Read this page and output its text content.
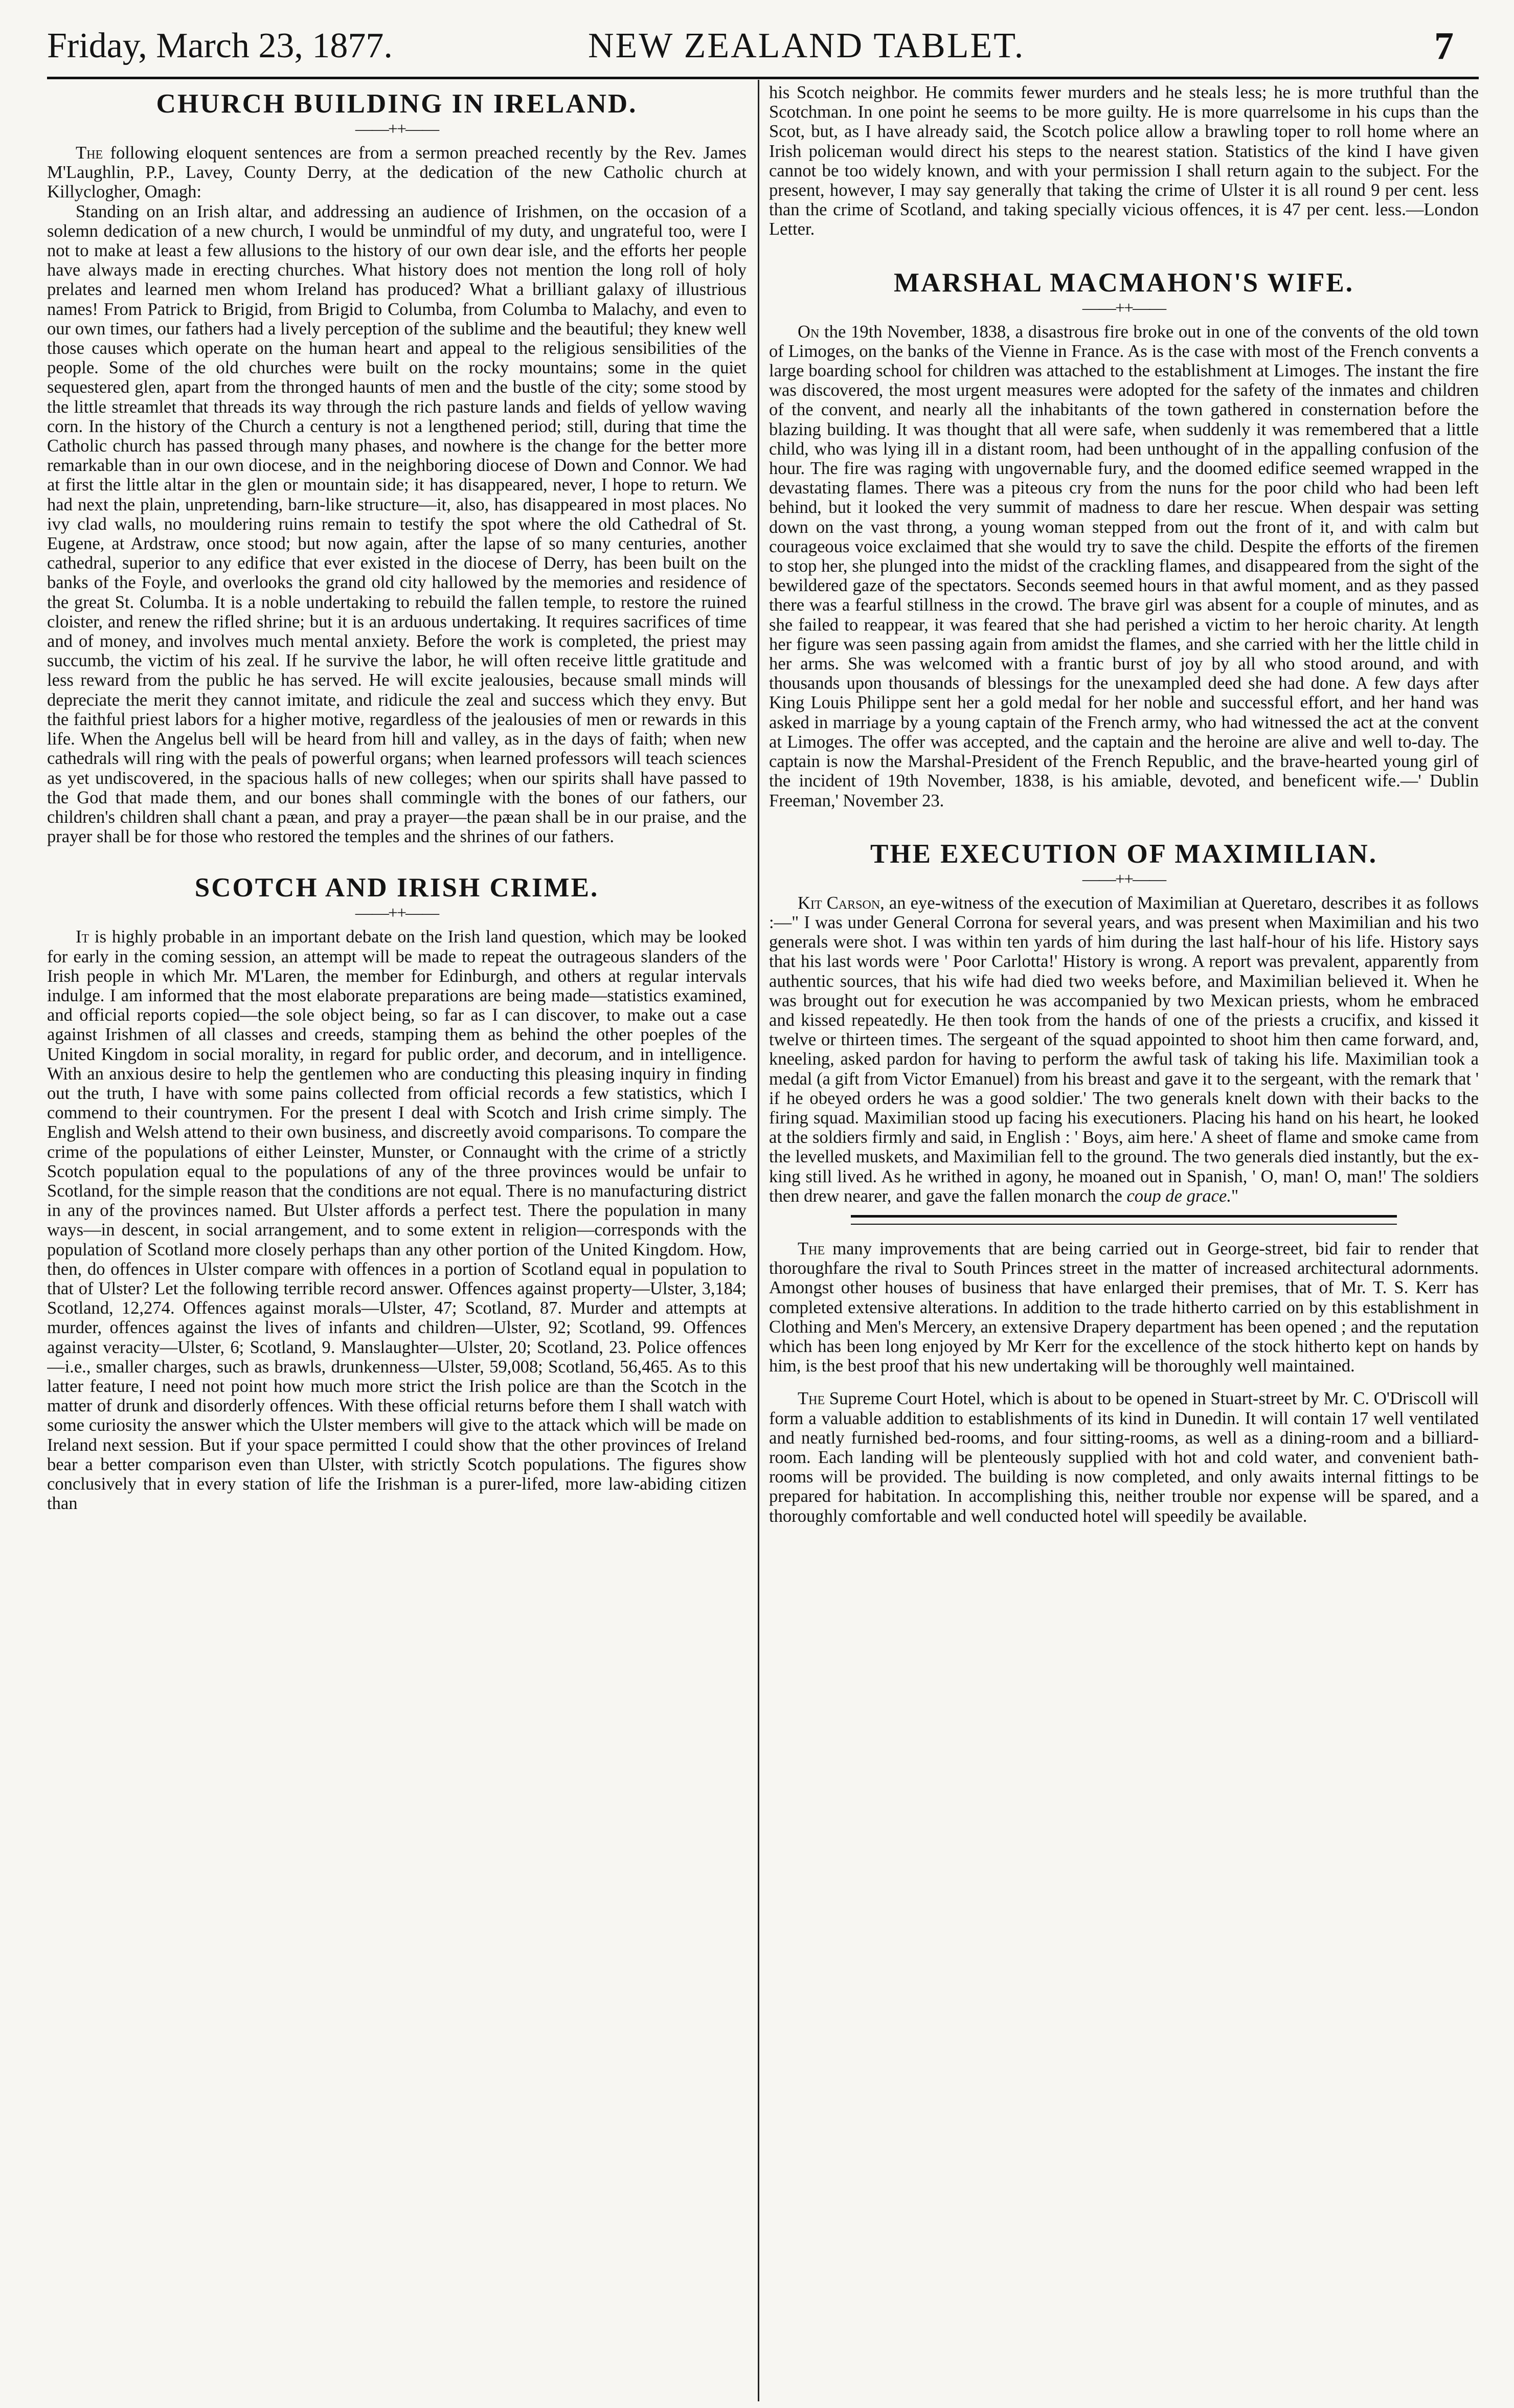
Friday, March 23, 1877.	NEW ZEALAND TABLET.	7
CHURCH BUILDING IN IRELAND.
——++——

The following eloquent sentences are from a sermon preached recently by the Rev. James M'Laughlin, P.P., Lavey, County Derry, at the dedication of the new Catholic church at Killyclogher, Omagh:

Standing on an Irish altar, and addressing an audience of Irishmen, on the occasion of a solemn dedication of a new church, I would be unmindful of my duty, and ungrateful too, were I not to make at least a few allusions to the history of our own dear isle, and the efforts her people have always made in erecting churches. What history does not mention the long roll of holy prelates and learned men whom Ireland has produced? What a brilliant galaxy of illustrious names! From Patrick to Brigid, from Brigid to Columba, from Columba to Malachy, and even to our own times, our fathers had a lively perception of the sublime and the beautiful; they knew well those causes which operate on the human heart and appeal to the religious sensibilities of the people. Some of the old churches were built on the rocky mountains; some in the quiet sequestered glen, apart from the thronged haunts of men and the bustle of the city; some stood by the little streamlet that threads its way through the rich pasture lands and fields of yellow waving corn. In the history of the Church a century is not a lengthened period; still, during that time the Catholic church has passed through many phases, and nowhere is the change for the better more remarkable than in our own diocese, and in the neighboring diocese of Down and Connor. We had at first the little altar in the glen or mountain side; it has disappeared, never, I hope to return. We had next the plain, unpretending, barn-like structure—it, also, has disappeared in most places. No ivy clad walls, no mouldering ruins remain to testify the spot where the old Cathedral of St. Eugene, at Ardstraw, once stood; but now again, after the lapse of so many centuries, another cathedral, superior to any edifice that ever existed in the diocese of Derry, has been built on the banks of the Foyle, and overlooks the grand old city hallowed by the memories and residence of the great St. Columba. It is a noble undertaking to rebuild the fallen temple, to restore the ruined cloister, and renew the rifled shrine; but it is an arduous undertaking. It requires sacrifices of time and of money, and involves much mental anxiety. Before the work is completed, the priest may succumb, the victim of his zeal. If he survive the labor, he will often receive little gratitude and less reward from the public he has served. He will excite jealousies, because small minds will depreciate the merit they cannot imitate, and ridicule the zeal and success which they envy. But the faithful priest labors for a higher motive, regardless of the jealousies of men or rewards in this life. When the Angelus bell will be heard from hill and valley, as in the days of faith; when new cathedrals will ring with the peals of powerful organs; when learned professors will teach sciences as yet undiscovered, in the spacious halls of new colleges; when our spirits shall have passed to the God that made them, and our bones shall commingle with the bones of our fathers, our children's children shall chant a pæan, and pray a prayer—the pæan shall be in our praise, and the prayer shall be for those who restored the temples and the shrines of our fathers.

SCOTCH AND IRISH CRIME.
——++——

It is highly probable in an important debate on the Irish land question, which may be looked for early in the coming session, an attempt will be made to repeat the outrageous slanders of the Irish people in which Mr. M'Laren, the member for Edinburgh, and others at regular intervals indulge. I am informed that the most elaborate preparations are being made—statistics examined, and official reports copied—the sole object being, so far as I can discover, to make out a case against Irishmen of all classes and creeds, stamping them as behind the other poeples of the United Kingdom in social morality, in regard for public order, and decorum, and in intelligence. With an anxious desire to help the gentlemen who are conducting this pleasing inquiry in finding out the truth, I have with some pains collected from official records a few statistics, which I commend to their countrymen. For the present I deal with Scotch and Irish crime simply. The English and Welsh attend to their own business, and discreetly avoid comparisons. To compare the crime of the populations of either Leinster, Munster, or Connaught with the crime of a strictly Scotch population equal to the populations of any of the three provinces would be unfair to Scotland, for the simple reason that the conditions are not equal. There is no manufacturing district in any of the provinces named. But Ulster affords a perfect test. There the population in many ways—in descent, in social arrangement, and to some extent in religion—corresponds with the population of Scotland more closely perhaps than any other portion of the United Kingdom. How, then, do offences in Ulster compare with offences in a portion of Scotland equal in population to that of Ulster? Let the following terrible record answer. Offences against property—Ulster, 3,184; Scotland, 12,274. Offences against morals—Ulster, 47; Scotland, 87. Murder and attempts at murder, offences against the lives of infants and children—Ulster, 92; Scotland, 99. Offences against veracity—Ulster, 6; Scotland, 9. Manslaughter—Ulster, 20; Scotland, 23. Police offences—i.e., smaller charges, such as brawls, drunkenness—Ulster, 59,008; Scotland, 56,465. As to this latter feature, I need not point how much more strict the Irish police are than the Scotch in the matter of drunk and disorderly offences. With these official returns before them I shall watch with some curiosity the answer which the Ulster members will give to the attack which will be made on Ireland next session. But if your space permitted I could show that the other provinces of Ireland bear a better comparison even than Ulster, with strictly Scotch populations. The figures show conclusively that in every station of life the Irishman is a purer-lifed, more law-abiding citizen than

his Scotch neighbor. He commits fewer murders and he steals less; he is more truthful than the Scotchman. In one point he seems to be more guilty. He is more quarrelsome in his cups than the Scot, but, as I have already said, the Scotch police allow a brawling toper to roll home where an Irish policeman would direct his steps to the nearest station. Statistics of the kind I have given cannot be too widely known, and with your permission I shall return again to the subject. For the present, however, I may say generally that taking the crime of Ulster it is all round 9 per cent. less than the crime of Scotland, and taking specially vicious offences, it is 47 per cent. less.—London Letter.

MARSHAL MACMAHON'S WIFE.
——++——

On the 19th November, 1838, a disastrous fire broke out in one of the convents of the old town of Limoges, on the banks of the Vienne in France. As is the case with most of the French convents a large boarding school for children was attached to the establishment at Limoges. The instant the fire was discovered, the most urgent measures were adopted for the safety of the inmates and children of the convent, and nearly all the inhabitants of the town gathered in consternation before the blazing building. It was thought that all were safe, when suddenly it was remembered that a little child, who was lying ill in a distant room, had been unthought of in the appalling confusion of the hour. The fire was raging with ungovernable fury, and the doomed edifice seemed wrapped in the devastating flames. There was a piteous cry from the nuns for the poor child who had been left behind, but it looked the very summit of madness to dare her rescue. When despair was setting down on the vast throng, a young woman stepped from out the front of it, and with calm but courageous voice exclaimed that she would try to save the child. Despite the efforts of the firemen to stop her, she plunged into the midst of the crackling flames, and disappeared from the sight of the bewildered gaze of the spectators. Seconds seemed hours in that awful moment, and as they passed there was a fearful stillness in the crowd. The brave girl was absent for a couple of minutes, and as she failed to reappear, it was feared that she had perished a victim to her heroic charity. At length her figure was seen passing again from amidst the flames, and she carried with her the little child in her arms. She was welcomed with a frantic burst of joy by all who stood around, and with thousands upon thousands of blessings for the unexampled deed she had done. A few days after King Louis Philippe sent her a gold medal for her noble and successful effort, and her hand was asked in marriage by a young captain of the French army, who had witnessed the act at the convent at Limoges. The offer was accepted, and the captain and the heroine are alive and well to-day. The captain is now the Marshal-President of the French Republic, and the brave-hearted young girl of the incident of 19th November, 1838, is his amiable, devoted, and beneficent wife.—' Dublin Freeman,' November 23.

THE EXECUTION OF MAXIMILIAN.
——++——

Kit Carson, an eye-witness of the execution of Maximilian at Queretaro, describes it as follows :—" I was under General Corrona for several years, and was present when Maximilian and his two generals were shot. I was within ten yards of him during the last half-hour of his life. History says that his last words were ' Poor Carlotta!' History is wrong. A report was prevalent, apparently from authentic sources, that his wife had died two weeks before, and Maximilian believed it. When he was brought out for execution he was accompanied by two Mexican priests, whom he embraced and kissed repeatedly. He then took from the hands of one of the priests a crucifix, and kissed it twelve or thirteen times. The sergeant of the squad appointed to shoot him then came forward, and, kneeling, asked pardon for having to perform the awful task of taking his life. Maximilian took a medal (a gift from Victor Emanuel) from his breast and gave it to the sergeant, with the remark that ' if he obeyed orders he was a good soldier.' The two generals knelt down with their backs to the firing squad. Maximilian stood up facing his executioners. Placing his hand on his heart, he looked at the soldiers firmly and said, in English : ' Boys, aim here.' A sheet of flame and smoke came from the levelled muskets, and Maximilian fell to the ground. The two generals died instantly, but the ex-king still lived. As he writhed in agony, he moaned out in Spanish, ' O, man! O, man!' The soldiers then drew nearer, and gave the fallen monarch the coup de grace."

The many improvements that are being carried out in George-street, bid fair to render that thoroughfare the rival to South Princes street in the matter of increased architectural adornments. Amongst other houses of business that have enlarged their premises, that of Mr. T. S. Kerr has completed extensive alterations. In addition to the trade hitherto carried on by this establishment in Clothing and Men's Mercery, an extensive Drapery department has been opened ; and the reputation which has been long enjoyed by Mr Kerr for the excellence of the stock hitherto kept on hands by him, is the best proof that his new undertaking will be thoroughly well maintained.

The Supreme Court Hotel, which is about to be opened in Stuart-street by Mr. C. O'Driscoll will form a valuable addition to establishments of its kind in Dunedin. It will contain 17 well ventilated and neatly furnished bed-rooms, and four sitting-rooms, as well as a dining-room and a billiard-room. Each landing will be plenteously supplied with hot and cold water, and convenient bath-rooms will be provided. The building is now completed, and only awaits internal fittings to be prepared for habitation. In accomplishing this, neither trouble nor expense will be spared, and a thoroughly comfortable and well conducted hotel will speedily be available.
